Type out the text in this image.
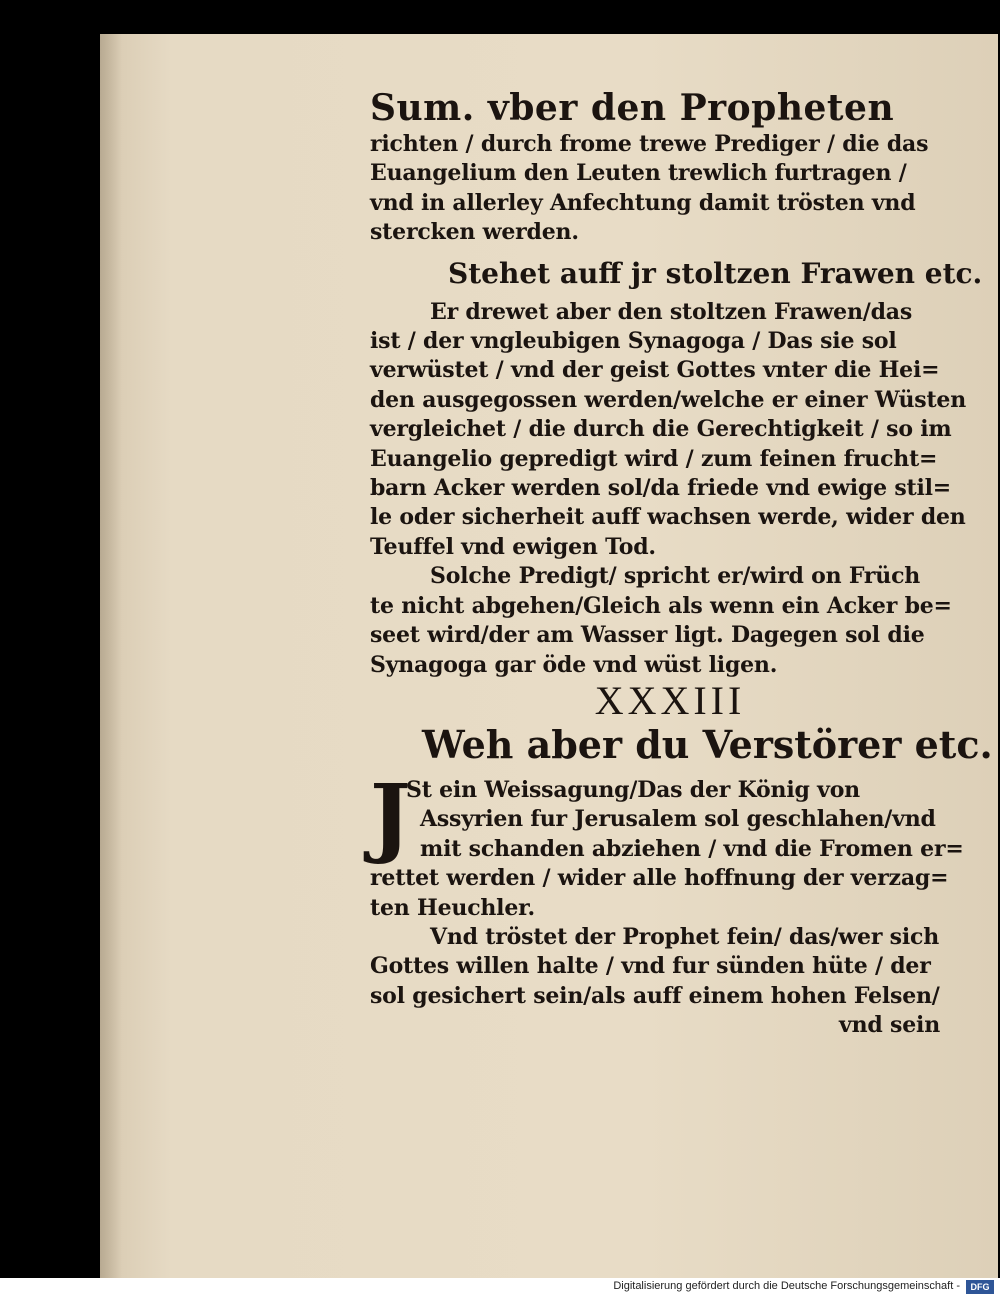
Sum. vber den Propheten
richten / durch frome trewe Prediger / die das
Euangelium den Leuten trewlich furtragen /
vnd in allerley Anfechtung damit trösten vnd
stercken werden.
Stehet auff jr stoltzen Frawen etc.
Er drewet aber den stoltzen Frawen/das
ist / der vngleubigen Synagoga / Das sie sol
verwüstet / vnd der geist Gottes vnter die Hei=
den ausgegossen werden/welche er einer Wüsten
vergleichet / die durch die Gerechtigkeit / so im
Euangelio gepredigt wird / zum feinen frucht=
barn Acker werden sol/da friede vnd ewige stil=
le oder sicherheit auff wachsen werde, wider den
Teuffel vnd ewigen Tod.
Solche Predigt/ spricht er/wird on Früch
te nicht abgehen/Gleich als wenn ein Acker be=
seet wird/der am Wasser ligt. Dagegen sol die
Synagoga gar öde vnd wüst ligen.
XXXIII
Weh aber du Verstörer etc.
J
St ein Weissagung/Das der König von
Assyrien fur Jerusalem sol geschlahen/vnd
mit schanden abziehen / vnd die Fromen er=
rettet werden / wider alle hoffnung der verzag=
ten Heuchler.
Vnd tröstet der Prophet fein/ das/wer sich
Gottes willen halte / vnd fur sünden hüte / der
sol gesichert sein/als auff einem hohen Felsen/
vnd sein
Digitalisierung gefördert durch die Deutsche Forschungsgemeinschaft -	DFG
